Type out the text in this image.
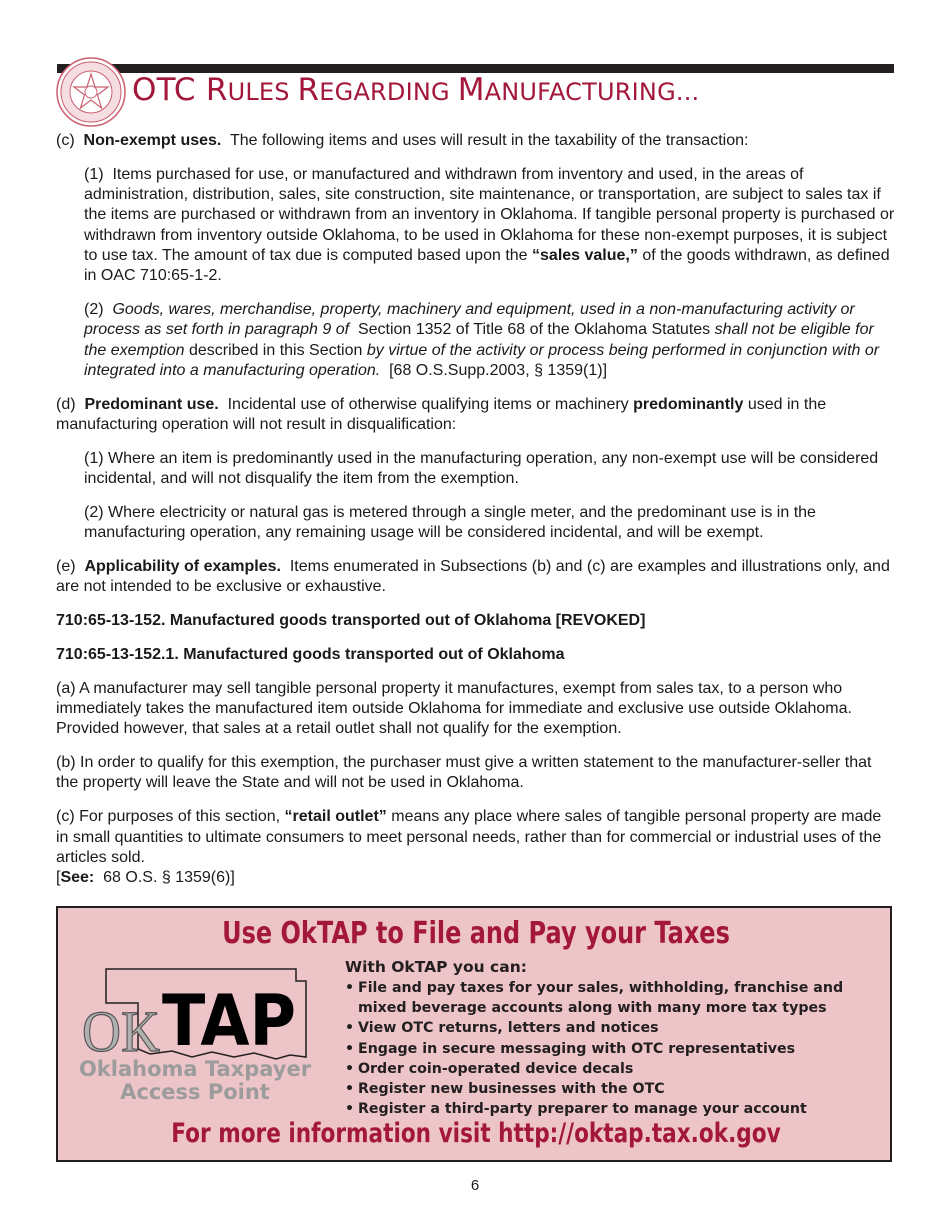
OTC RULES REGARDING MANUFACTURING...

(c) Non-exempt uses. The following items and uses will result in the taxability of the transaction:

(1) Items purchased for use, or manufactured and withdrawn from inventory and used, in the areas of administration, distribution, sales, site construction, site maintenance, or transportation, are subject to sales tax if the items are purchased or withdrawn from an inventory in Oklahoma. If tangible personal property is purchased or withdrawn from inventory outside Oklahoma, to be used in Oklahoma for these non-exempt purposes, it is subject to use tax. The amount of tax due is computed based upon the “sales value,” of the goods withdrawn, as defined in OAC 710:65-1-2.

(2) Goods, wares, merchandise, property, machinery and equipment, used in a non-manufacturing activity or process as set forth in paragraph 9 of Section 1352 of Title 68 of the Oklahoma Statutes shall not be eligible for the exemption described in this Section by virtue of the activity or process being performed in conjunction with or integrated into a manufacturing operation. [68 O.S.Supp.2003, § 1359(1)]

(d) Predominant use. Incidental use of otherwise qualifying items or machinery predominantly used in the manufacturing operation will not result in disqualification:

(1) Where an item is predominantly used in the manufacturing operation, any non-exempt use will be considered incidental, and will not disqualify the item from the exemption.

(2) Where electricity or natural gas is metered through a single meter, and the predominant use is in the manufacturing operation, any remaining usage will be considered incidental, and will be exempt.

(e) Applicability of examples. Items enumerated in Subsections (b) and (c) are examples and illustrations only, and are not intended to be exclusive or exhaustive.

710:65-13-152. Manufactured goods transported out of Oklahoma [REVOKED]

710:65-13-152.1. Manufactured goods transported out of Oklahoma

(a) A manufacturer may sell tangible personal property it manufactures, exempt from sales tax, to a person who immediately takes the manufactured item outside Oklahoma for immediate and exclusive use outside Oklahoma. Provided however, that sales at a retail outlet shall not qualify for the exemption.

(b) In order to qualify for this exemption, the purchaser must give a written statement to the manufacturer-seller that the property will leave the State and will not be used in Oklahoma.

(c) For purposes of this section, “retail outlet” means any place where sales of tangible personal property are made in small quantities to ultimate consumers to meet personal needs, rather than for commercial or industrial uses of the articles sold.

[See: 68 O.S. § 1359(6)]

Use OkTAP to File and Pay your Taxes
OK TAP
Oklahoma Taxpayer
Access Point
With OkTAP you can:
• File and pay taxes for your sales, withholding, franchise and mixed beverage accounts along with many more tax types
• View OTC returns, letters and notices
• Engage in secure messaging with OTC representatives
• Order coin-operated device decals
• Register new businesses with the OTC
• Register a third-party preparer to manage your account
For more information visit http://oktap.tax.ok.gov
6
